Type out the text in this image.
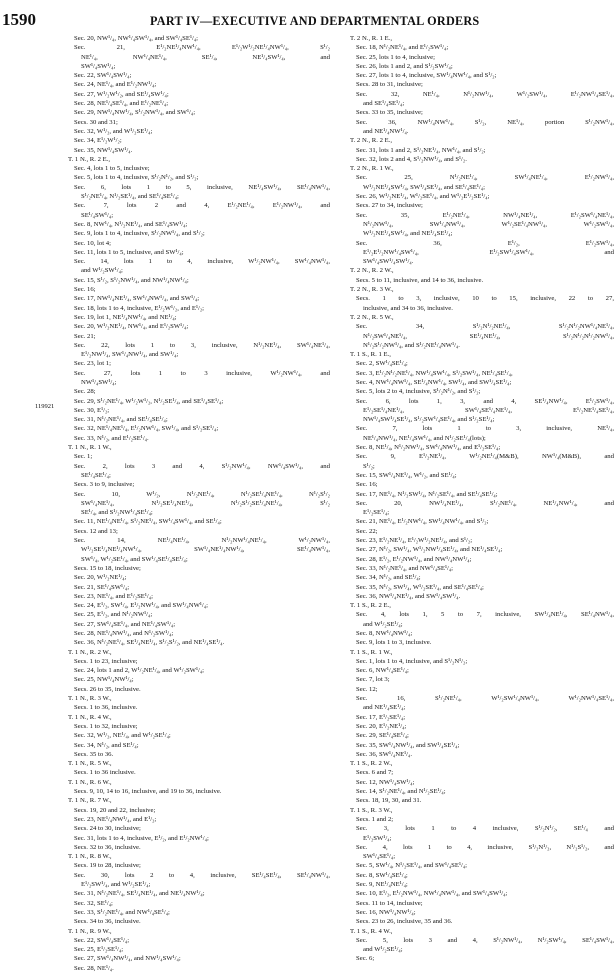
1590	PART IV—EXECUTIVE AND DEPARTMENTAL ORDERS
119921
Sec. 20, NW¹/₄, NW¹/₄SW¹/₄, and SW¹/₄SE¹/₄;
Sec. 21, E¹/₂NE¹/₄NW¹/₄, E¹/₂W¹/₂NE¹/₄NW¹/₄, S¹/₂
NE¹/₄, NW¹/₄NE¹/₄, SE¹/₄, NE¹/₄SW¹/₄, and
SW¹/₄SW¹/₄;
Sec. 22, SW¹/₄SW¹/₄;
Sec. 24, NE¹/₄, and E¹/₂NW¹/₄;
Sec. 27, W¹/₂W¹/₂, and SE¹/₄SW¹/₄;
Sec. 28, NE¹/₄SE¹/₄, and E¹/₂NE¹/₄;
Sec. 29, NW¹/₄NW¹/₄, S¹/₂NW¹/₄, and SW¹/₄;
Secs. 30 and 31;
Sec. 32, W¹/₂, and W¹/₂SE¹/₄;
Sec. 34, E¹/₂W¹/₂;
Sec. 35, NW¹/₄SW¹/₄.
T. 1 N., R. 2 E.,
Sec. 4, lots 1 to 5, inclusive;
Sec. 5, lots 1 to 4, inclusive, S¹/₂N¹/₂, and S¹/₂;
Sec. 6, lots 1 to 5, inclusive, NE¹/₄SW¹/₄, SE¹/₄NW¹/₄,
S¹/₂NE¹/₄, N¹/₂SE¹/₄, and SE¹/₄SE¹/₄;
Sec. 7, lots 2 and 4, E¹/₂NE¹/₄, E¹/₂NW¹/₄, and
SE¹/₄SW¹/₄;
Sec. 8, NW¹/₄, N¹/₂NE¹/₄, and SE¹/₄SW¹/₄;
Sec. 9, lots 1 to 4, inclusive, S¹/₂NW¹/₄, and S¹/₂;
Sec. 10, lot 4;
Sec. 11, lots 1 to 5, inclusive, and SW¹/₄;
Sec. 14, lots 1 to 4, inclusive, W¹/₂NW¹/₄, SW¹/₄NW¹/₄,
and W¹/₂SW¹/₄;
Sec. 15, S¹/₂, S¹/₂NW¹/₄, and NW¹/₄NW¹/₄;
Sec. 16;
Sec. 17, NW¹/₄NE¹/₄, SW¹/₄NW¹/₄, and SW¹/₄;
Sec. 18, lots 1 to 4, inclusive, E¹/₂W¹/₂, and E¹/₂;
Sec. 19, lot 1, NE¹/₄NW¹/₄, and NE¹/₄;
Sec. 20, W¹/₂NE¹/₄, NW¹/₄, and E¹/₂SW¹/₄;
Sec. 21;
Sec. 22, lots 1 to 3, inclusive, N¹/₂NE¹/₄, SW¹/₄NE¹/₄,
E¹/₂NW¹/₄, SW¹/₄NW¹/₄, and SW¹/₄;
Sec. 23, lot 1;
Sec. 27, lots 1 to 3 inclusive, W¹/₂NW¹/₄, and
NW¹/₄SW¹/₄;
Sec. 28;
Sec. 29, S¹/₂NE¹/₄, W¹/₂W¹/₂, N¹/₂SE¹/₄, and SE¹/₄SE¹/₄;
Sec. 30, E¹/₂;
Sec. 31, N¹/₂NE¹/₄, and SE¹/₄SE¹/₄;
Sec. 32, NE¹/₄NE¹/₄, E¹/₂NW¹/₄, SW¹/₄, and S¹/₂SE¹/₄;
Sec. 33, N¹/₂, and E¹/₂SE¹/₄.
T. 1 N., R. 1 W.,
Sec. 1;
Sec. 2, lots 3 and 4, S¹/₂NW¹/₄, NW¹/₄SW¹/₄, and
SE¹/₄SE¹/₄;
Secs. 3 to 9, inclusive;
Sec. 10, W¹/₂, N¹/₂NE¹/₄, N¹/₂SE¹/₄NE¹/₄, N¹/₂S¹/₂
SW¹/₄NE¹/₄, N¹/₂SE¹/₄NE¹/₄, N¹/₂S¹/₂SE¹/₄NE¹/₄, S¹/₂
SE¹/₄, and S¹/₂NW¹/₄SE¹/₄;
Sec. 11, NE¹/₄NE¹/₄, S¹/₂NE¹/₄, SW¹/₄SW¹/₄, and SE¹/₄;
Secs. 12 and 13;
Sec. 14, NE¹/₄NE¹/₄, N¹/₂NW¹/₄NE¹/₄, W¹/₂NW¹/₄,
W¹/₂SE¹/₄NE¹/₄NW¹/₄, SW¹/₄NE¹/₄NW¹/₄, SE¹/₄NW¹/₄,
SW¹/₄, W¹/₂SE¹/₄, and SW¹/₄SE¹/₄SE¹/₄;
Secs. 15 to 18, inclusive;
Sec. 20, W¹/₂NE¹/₄;
Sec. 21, SE¹/₄SW¹/₄;
Sec. 23, NE¹/₄, and E¹/₂SE¹/₄;
Sec. 24, E¹/₂, SW¹/₄, E¹/₂NW¹/₄, and SW¹/₄NW¹/₄;
Sec. 25, E¹/₂, and N¹/₂NW¹/₄;
Sec. 27, SW¹/₄SE¹/₄, and NE¹/₄SW¹/₄;
Sec. 28, NE¹/₄NW¹/₄, and N¹/₂SW¹/₄;
Sec. 36, N¹/₂NE¹/₄, SE¹/₄NE¹/₄, S¹/₂S¹/₂, and NE¹/₄SE¹/₄.
T. 1 N., R. 2 W.,
Secs. 1 to 23, inclusive;
Sec. 24, lots 1 and 2, W¹/₂NE¹/₄, and W¹/₂SW¹/₄;
Sec. 25, NW¹/₄NW¹/₄;
Secs. 26 to 35, inclusive.
T. 1 N., R. 3 W.,
Secs. 1 to 36, inclusive.
T. 1 N., R. 4 W.,
Secs. 1 to 32, inclusive;
Sec. 32, W¹/₂, NE¹/₄, and W¹/₂SE¹/₄;
Sec. 34, N¹/₂, and SE¹/₄;
Secs. 35 to 36.
T. 1 N., R. 5 W.,
Secs. 1 to 36 inclusive.
T. 1 N., R. 6 W.,
Secs. 9, 10, 14 to 16, inclusive, and 19 to 36, inclusive.
T. 1 N., R. 7 W.,
Secs. 19, 20 and 22, inclusive;
Sec. 23, NE¹/₄NW¹/₄, and E¹/₂;
Secs. 24 to 30, inclusive;
Sec. 31, lots 1 to 4, inclusive, E¹/₂, and E¹/₂NW¹/₄;
Secs. 32 to 36, inclusive.
T. 1 N., R. 8 W.,
Secs. 19 to 28, inclusive;
Sec. 30, lots 2 to 4, inclusive, SE¹/₄SE¹/₄, SE¹/₄NW¹/₄,
E¹/₂SW¹/₄, and W¹/₂SE¹/₄;
Sec. 31, N¹/₂NE¹/₄, SE¹/₄NE¹/₄, and NE¹/₄NW¹/₄;
Sec. 32, SE¹/₄;
Sec. 33, S¹/₂NE¹/₄, and NW¹/₄SE¹/₄;
Secs. 34 to 36, inclusive.
T. 1 N., R. 9 W.,
Sec. 22, SW¹/₄SE¹/₄;
Sec. 25, E¹/₂SE¹/₄;
Sec. 27, SW¹/₄NW¹/₄, and NW¹/₄SW¹/₄;
Sec. 28, NE¹/₄.
T. 2 N., R. 1 E.,
Sec. 18, N¹/₂NE¹/₄, and E¹/₂SW¹/₄;
Sec. 25, lots 1 to 4, inclusive;
Sec. 26, lots 1 and 2, and S¹/₂SW¹/₄;
Sec. 27, lots 1 to 4, inclusive, SW¹/₄NW¹/₄, and S¹/₂;
Secs. 28 to 31, inclusive;
Sec. 32, NE¹/₄, N¹/₂NW¹/₄, W¹/₂SW¹/₄, E¹/₂NW¹/₄SE¹/₄,
and SE¹/₄SE¹/₄;
Secs. 33 to 35, inclusive;
Sec. 36, NW¹/₄NW¹/₄, S¹/₂, NE¹/₄, portion S¹/₂NW¹/₄,
and NE¹/₄NW¹/₄.
T. 2 N., R. 2 E.,
Sec. 31, lots 1 and 2, S¹/₂NE¹/₄, NW¹/₄, and S¹/₂;
Sec. 32, lots 2 and 4, S¹/₂NW¹/₄, and S¹/₂.
T. 2 N., R. 1 W.,
Sec. 25, N¹/₂NE¹/₄, SW¹/₄NE¹/₄, E¹/₂NW¹/₄,
W¹/₂NE¹/₄SW¹/₄, SW¹/₄SE¹/₄, and SE¹/₄SE¹/₄;
Sec. 26, W¹/₂NE¹/₄, W¹/₂SE¹/₄, and W¹/₂E¹/₂SE¹/₄;
Secs. 27 to 34, inclusive;
Sec. 35, E¹/₂NE¹/₄, NW¹/₄NE¹/₄, E¹/₂SW¹/₄NE¹/₄,
N¹/₂NW¹/₄, SW¹/₄NW¹/₄, W¹/₂SE¹/₄NW¹/₄, W¹/₂SW¹/₄,
W¹/₂NE¹/₄SW¹/₄, and NE¹/₄SE¹/₄;
Sec. 36, E¹/₂, E¹/₂SW¹/₄,
E¹/₂E¹/₂NW¹/₄SW¹/₄, E¹/₂SW¹/₄SW¹/₄, and
SW¹/₄SW¹/₄SW¹/₄.
T. 2 N., R. 2 W.,
Secs. 5 to 11, inclusive, and 14 to 36, inclusive.
T. 2 N., R. 3 W.,
Secs. 1 to 3, inclusive, 10 to 15, inclusive, 22 to 27,
inclusive, and 34 to 36, inclusive.
T. 2 N., R. 5 W.,
Sec. 34, S¹/₂N¹/₂NE¹/₄, S¹/₂N¹/₂NW¹/₄NE¹/₄,
N¹/₂SW¹/₄NE¹/₄, SE¹/₄NE¹/₄, S¹/₂N¹/₂N¹/₂NW¹/₄,
N¹/₂S¹/₂NW¹/₄, and S¹/₂NE¹/₄NW¹/₄.
T. 1 S., R. 1 E.,
Sec. 2, SW¹/₄SE¹/₄;
Sec. 3, E¹/₂N¹/₂NE¹/₄, NW¹/₄SW¹/₄, S¹/₂SW¹/₄, NE¹/₄SE¹/₄,
Sec. 4, NW¹/₄NW¹/₄, SE¹/₄NW¹/₄, SW¹/₄, and SW¹/₄SE¹/₄;
Sec. 5, lots 2 to 4, inclusive, S¹/₂N¹/₂, and S¹/₂;
Sec. 6, lots 1, 3, and 4, SE¹/₄NW¹/₄, E¹/₂SW¹/₄,
E¹/₂SE¹/₄NE¹/₄, SW¹/₄SE¹/₄NE¹/₄, E¹/₂NE¹/₄SE¹/₄,
NW¹/₄SW¹/₄SE¹/₄, S¹/₂SW¹/₄SE¹/₄, and S¹/₂SE¹/₄;
Sec. 7, lots 1 to 3, inclusive, NE¹/₄,
NE¹/₄NW¹/₄, NE¹/₄SW¹/₄, and N¹/₂SE¹/₄(lots);
Sec. 8, NE¹/₄, N¹/₂NW¹/₄, SW¹/₄NW¹/₄, and E¹/₂SE¹/₄;
Sec. 9, E¹/₂NE¹/₄, W¹/₂NE¹/₄(M&B), NW¹/₄(M&B), and
S¹/₂;
Sec. 15, SW¹/₄NE¹/₄, W¹/₂, and SE¹/₄;
Sec. 16;
Sec. 17, NE¹/₄, N¹/₂SW¹/₄, N¹/₂SE¹/₄, and SE¹/₄SE¹/₄;
Sec. 20, NW¹/₄NE¹/₄, S¹/₂NE¹/₄, NE¹/₄NW¹/₄, and
E¹/₂SE¹/₄;
Sec. 21, NE¹/₄, E¹/₂NW¹/₄, SW¹/₄NW¹/₄, and S¹/₂;
Sec. 22;
Sec. 23, E¹/₂NE¹/₄, E¹/₂W¹/₂NE¹/₄, and S¹/₂;
Sec. 27, N¹/₂, SW¹/₄, W¹/₂NW¹/₄SE¹/₄, and NE¹/₄SE¹/₄;
Sec. 28, E¹/₂, E¹/₂NW¹/₄, and NW¹/₄NW¹/₄;
Sec. 33, N¹/₂NE¹/₄, and NW¹/₄SE¹/₄;
Sec. 34, N¹/₂, and SE¹/₄;
Sec. 35, N¹/₂, SW¹/₄, W¹/₂SE¹/₄, and SE¹/₄SE¹/₄;
Sec. 36, NW¹/₄NE¹/₄, and SW¹/₄SW¹/₄.
T. 1 S., R. 2 E.,
Sec. 4, lots 1, 5 to 7, inclusive, SW¹/₄NE¹/₄, SE¹/₄NW¹/₄,
and W¹/₂SE¹/₄;
Sec. 8, NW¹/₄NW¹/₄;
Sec. 9, lots 1 to 3, inclusive.
T. 1 S., R. 1 W.,
Sec. 1, lots 1 to 4, inclusive, and S¹/₂N¹/₂;
Sec. 6, NW¹/₄SE¹/₄;
Sec. 7, lot 3;
Sec. 12;
Sec. 16, S¹/₂NE¹/₄, W¹/₂SW¹/₄NW¹/₄, W¹/₂NW¹/₄SE¹/₄,
and NE¹/₄SE¹/₄;
Sec. 17, E¹/₂SE¹/₄;
Sec. 20, E¹/₂NE¹/₄;
Sec. 29, SE¹/₄SE¹/₄;
Sec. 35, SW¹/₄NW¹/₄, and SW¹/₄SE¹/₄;
Sec. 36, SW¹/₄NE¹/₄.
T. 1 S., R. 2 W.,
Secs. 6 and 7;
Sec. 12, NW¹/₄SW¹/₄;
Sec. 14, S¹/₂NE¹/₄, and N¹/₂SE¹/₄;
Secs. 18, 19, 30, and 31.
T. 1 S., R. 3 W.,
Secs. 1 and 2;
Sec. 3, lots 1 to 4 inclusive, S¹/₂N¹/₂, SE¹/₄ and
E¹/₂SW¹/₄;
Sec. 4, lots 1 to 4, inclusive, S¹/₂N¹/₂, N¹/₂S¹/₂, and
SW¹/₄SE¹/₄;
Sec. 5, SW¹/₄, N¹/₂SE¹/₄, and SW¹/₄SE¹/₄;
Sec. 8, SW¹/₄SE¹/₄;
Sec. 9, NE¹/₄NE¹/₄;
Sec. 10, E¹/₂, E¹/₂NW¹/₄, NW¹/₄NW¹/₄, and SW¹/₄SW¹/₄;
Secs. 11 to 14, inclusive;
Sec. 16, NW¹/₄NW¹/₄;
Secs. 23 to 26, inclusive, 35 and 36.
T. 1 S., R. 4 W.,
Sec. 5, lots 3 and 4, S¹/₂NW¹/₄, N¹/₂SW¹/₄, SE¹/₄SW¹/₄,
and W¹/₂SE¹/₄;
Sec. 6;
